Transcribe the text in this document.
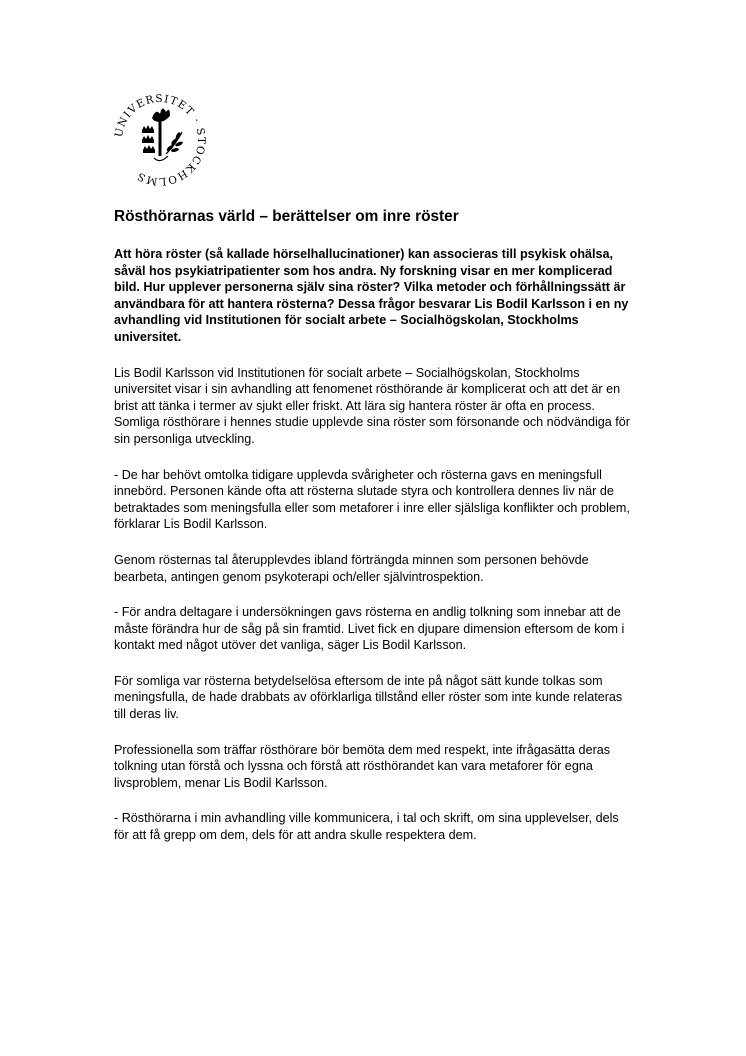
UNIVERSITET · STOCKHOLMS
Rösthörarnas värld – berättelser om inre röster

Att höra röster (så kallade hörselhallucinationer) kan associeras till psykisk ohälsa, såväl hos psykiatripatienter som hos andra. Ny forskning visar en mer komplicerad bild. Hur upplever personerna själv sina röster? Vilka metoder och förhållningssätt är användbara för att hantera rösterna? Dessa frågor besvarar Lis Bodil Karlsson i en ny avhandling vid Institutionen för socialt arbete – Socialhögskolan, Stockholms universitet.

Lis Bodil Karlsson vid Institutionen för socialt arbete – Socialhögskolan, Stockholms universitet visar i sin avhandling att fenomenet rösthörande är komplicerat och att det är en brist att tänka i termer av sjukt eller friskt. Att lära sig hantera röster är ofta en process. Somliga rösthörare i hennes studie upplevde sina röster som försonande och nödvändiga för sin personliga utveckling.

- De har behövt omtolka tidigare upplevda svårigheter och rösterna gavs en meningsfull innebörd. Personen kände ofta att rösterna slutade styra och kontrollera dennes liv när de betraktades som meningsfulla eller som metaforer i inre eller själsliga konflikter och problem, förklarar Lis Bodil Karlsson.

Genom rösternas tal återupplevdes ibland förträngda minnen som personen behövde bearbeta, antingen genom psykoterapi och/eller självintrospektion.

- För andra deltagare i undersökningen gavs rösterna en andlig tolkning som innebar att de måste förändra hur de såg på sin framtid. Livet fick en djupare dimension eftersom de kom i kontakt med något utöver det vanliga, säger Lis Bodil Karlsson.

För somliga var rösterna betydelselösa eftersom de inte på något sätt kunde tolkas som meningsfulla, de hade drabbats av oförklarliga tillstånd eller röster som inte kunde relateras till deras liv.

Professionella som träffar rösthörare bör bemöta dem med respekt, inte ifrågasätta deras tolkning utan förstå och lyssna och förstå att rösthörandet kan vara metaforer för egna livsproblem, menar Lis Bodil Karlsson.

- Rösthörarna i min avhandling ville kommunicera, i tal och skrift, om sina upplevelser, dels för att få grepp om dem, dels för att andra skulle respektera dem.
